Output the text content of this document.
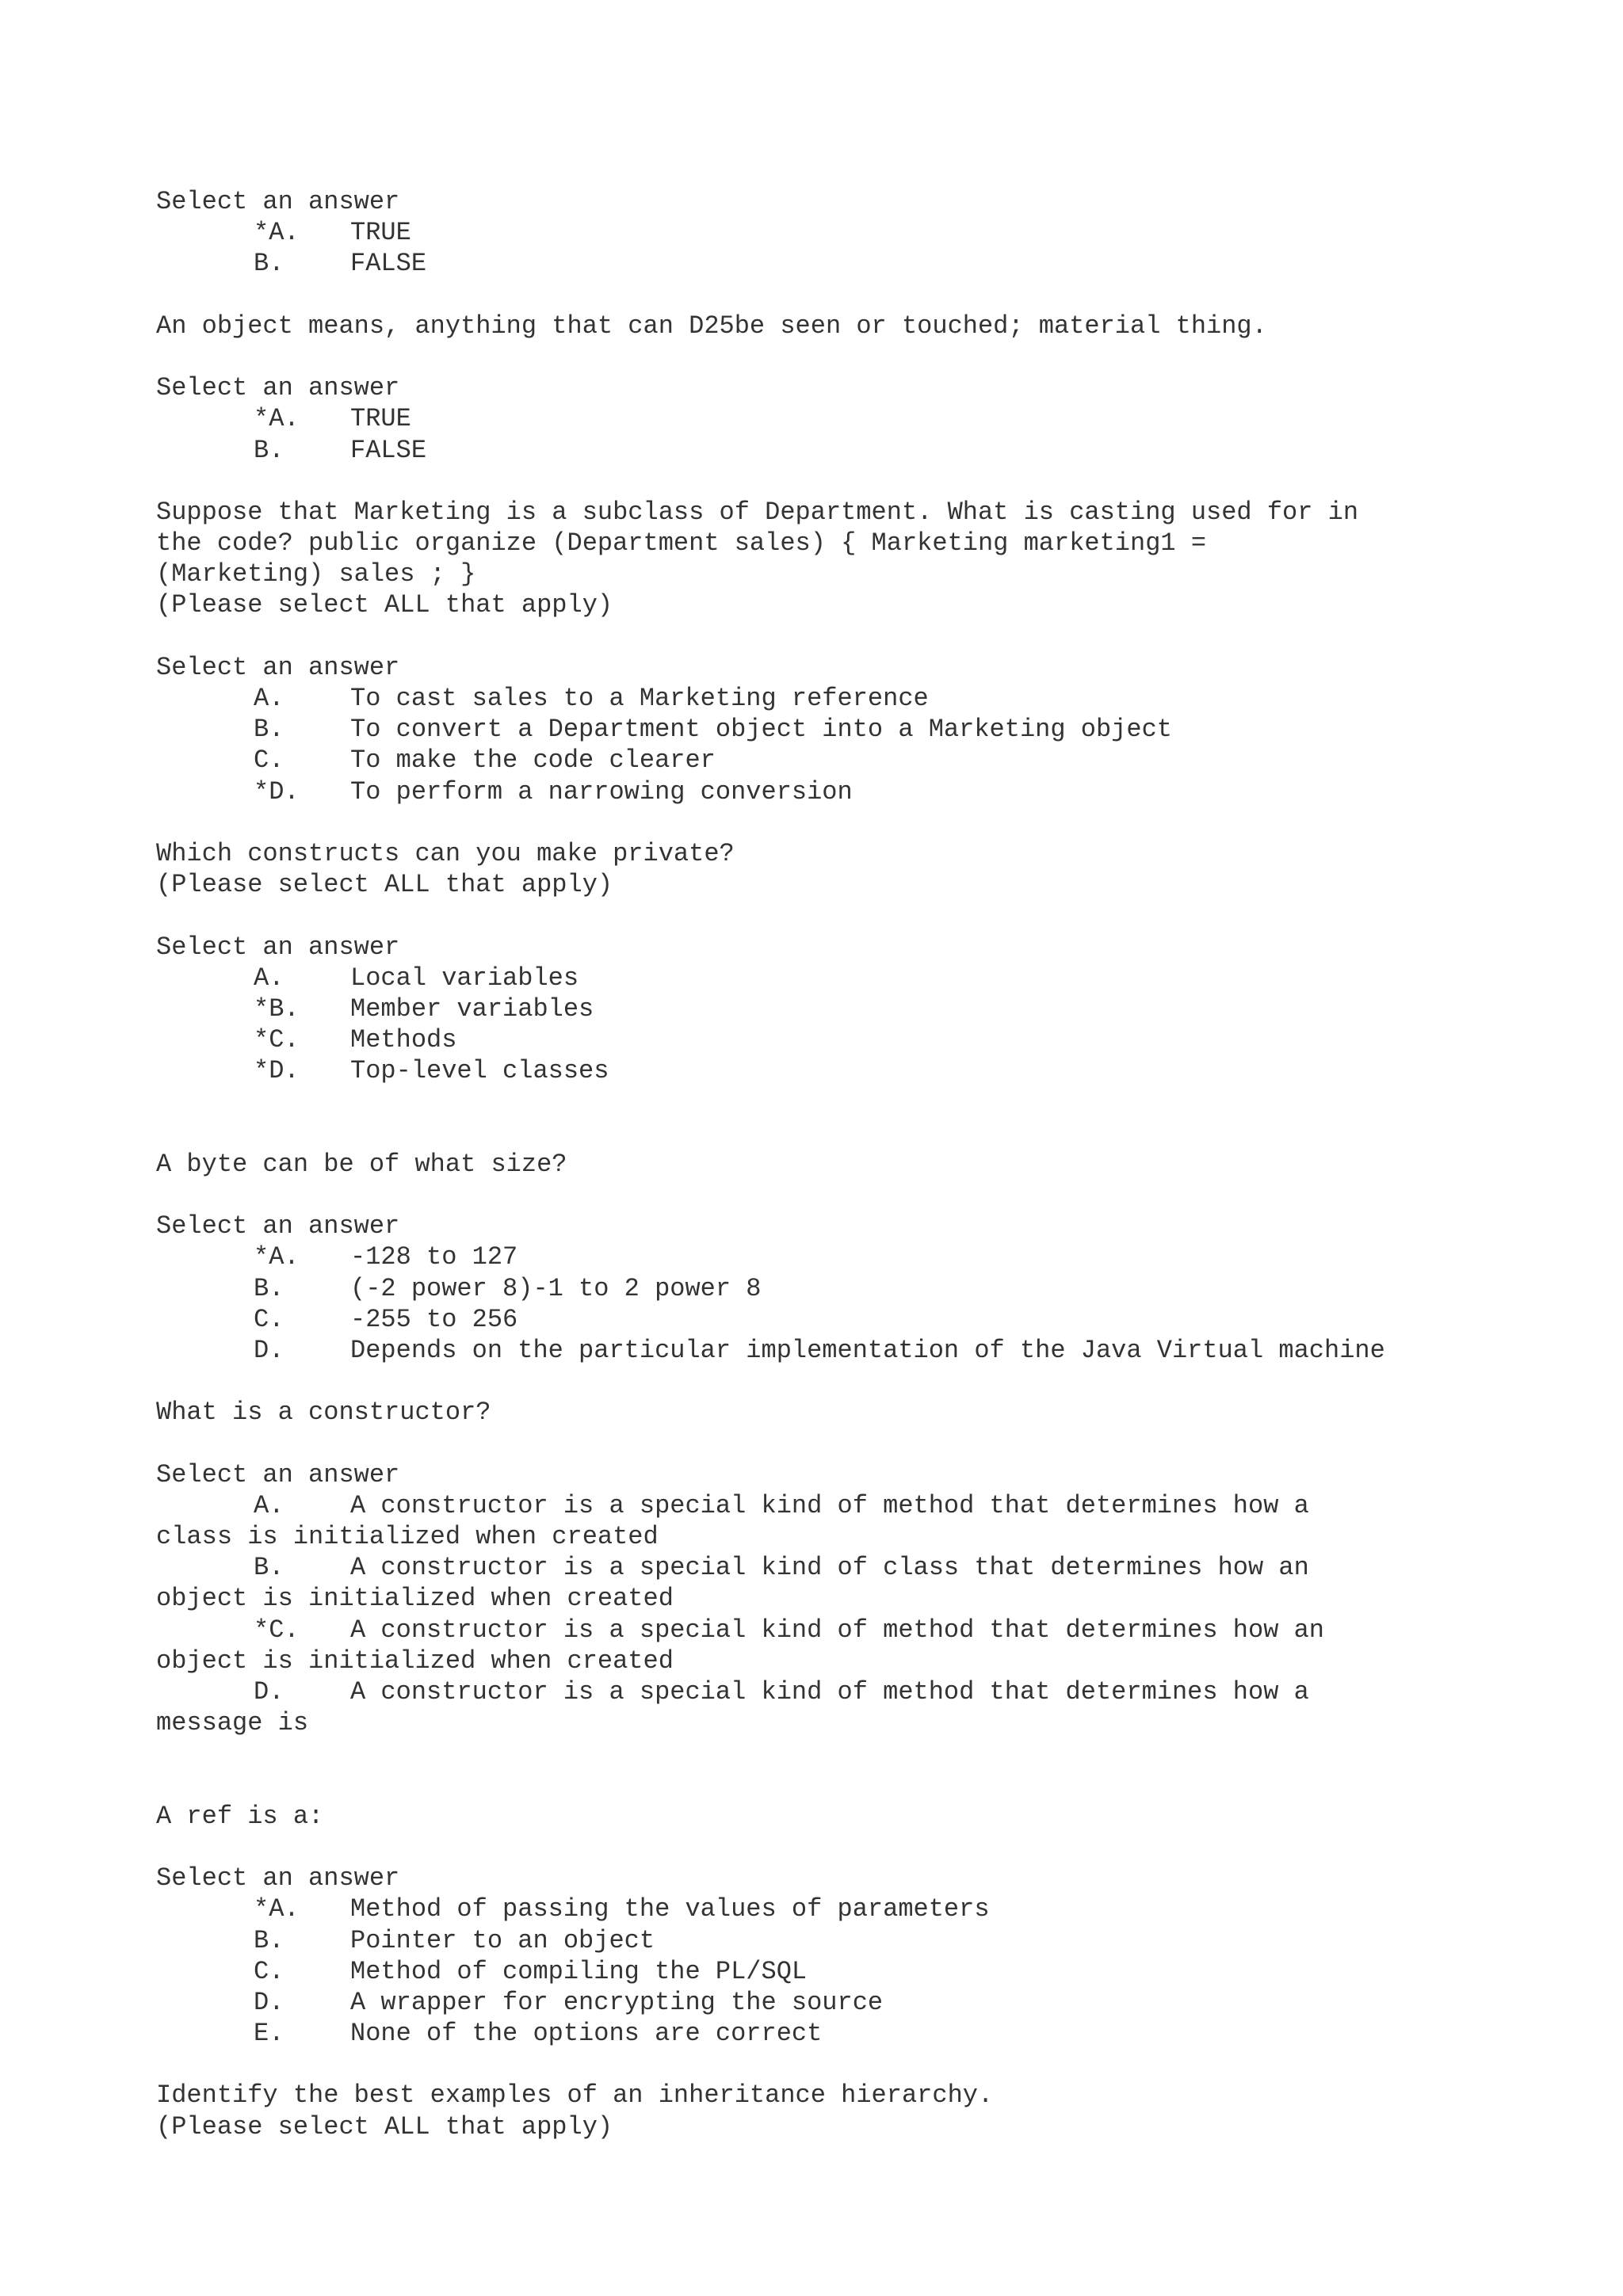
Select an answer
*A. TRUE
B.	FALSE
An object means, anything that can D25be seen or touched; material thing.
Select an answer
*A. TRUE
B.	FALSE
Suppose that Marketing is a subclass of Department. What is casting used for in
the code? public organize (Department sales) { Marketing marketing1 =
(Marketing) sales ; }
(Please select ALL that apply)
Select an answer
A.	To cast sales to a Marketing reference
B.	To convert a Department object into a Marketing object
C.	To make the code clearer
*D. To perform a narrowing conversion
Which constructs can you make private?
(Please select ALL that apply)
Select an answer
A.	Local variables
*B. Member variables
*C. Methods
*D. Top-level classes
A byte can be of what size?
Select an answer
*A. -128 to 127
B.	(-2 power 8)-1 to 2 power 8
C.	-255 to 256
D.	Depends on the particular implementation of the Java Virtual machine
What is a constructor?
Select an answer
A.	A constructor is a special kind of method that determines how a
class is initialized when created
B.	A constructor is a special kind of class that determines how an
object is initialized when created
*C. A constructor is a special kind of method that determines how an
object is initialized when created
D.	A constructor is a special kind of method that determines how a
message is
A ref is a:
Select an answer
*A. Method of passing the values of parameters
B.	Pointer to an object
C.	Method of compiling the PL/SQL
D.	A wrapper for encrypting the source
E.	None of the options are correct
Identify the best examples of an inheritance hierarchy.
(Please select ALL that apply)
